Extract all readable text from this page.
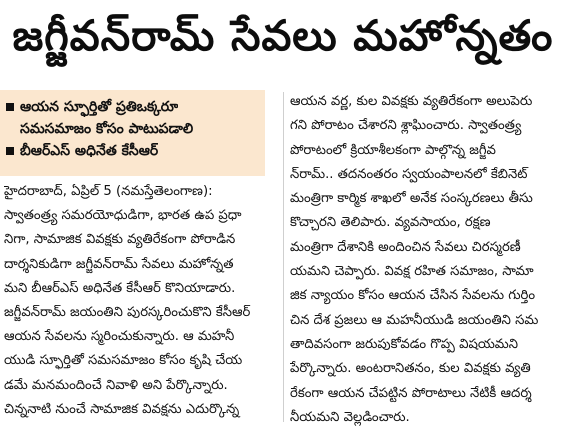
జగ్జీవన్‌రామ్ సేవలు మహోన్నతం
ఆయన స్ఫూర్తితో ప్రతిఒక్కరూ
సమసమాజం కోసం పాటుపడాలి
బీఆర్‌ఎస్ అధినేత కేసీఆర్
హైదరాబాద్, ఏప్రిల్ 5 (నమస్తేతెలంగాణ):
స్వాతంత్ర్య సమరయోధుడిగా, భారత ఉప ప్రధా
నిగా, సామాజిక వివక్షకు వ్యతిరేకంగా పోరాడిన
దార్శనికుడిగా జగ్జీవన్‌రామ్ సేవలు మహోన్నత
మని బీఆర్‌ఎస్ అధినేత కేసీఆర్ కొనియాడారు.
జగ్జీవన్‌రామ్ జయంతిని పురస్కరించుకొని కేసీఆర్
ఆయన సేవలను స్మరించుకున్నారు. ఆ మహనీ
యుడి స్ఫూర్తితో సమసమాజం కోసం కృషి చేయ
డమే మనమందించే నివాళి అని పేర్కొన్నారు.
చిన్ననాటి నుంచే సామాజిక వివక్షను ఎదుర్కొన్న
ఆయన వర్ణ, కుల వివక్షకు వ్యతిరేకంగా అలుపెరు
గని పోరాటం చేశారని శ్లాఘించారు. స్వాతంత్ర్య
పోరాటంలో క్రియాశీలకంగా పాల్గొన్న జగ్జీవ
న్‌రామ్.. తదనంతరం స్వయంపాలనలో కేబినెట్
మంత్రిగా కార్మిక శాఖలో అనేక సంస్కరణలు తీసు
కొచ్చారని తెలిపారు. వ్యవసాయం, రక్షణ
మంత్రిగా దేశానికి అందించిన సేవలు చిరస్మరణీ
యమని చెప్పారు. వివక్ష రహిత సమాజం, సామా
జిక న్యాయం కోసం ఆయన చేసిన సేవలను గుర్తిం
చిన దేశ ప్రజలు ఆ మహనీయుడి జయంతిని సమ
తాదివసంగా జరుపుకోవడం గొప్ప విషయమని
పేర్కొన్నారు. అంటరానితనం, కుల వివక్షకు వ్యతి
రేకంగా ఆయన చేపట్టిన పోరాటాలు నేటికీ ఆదర్శ
నీయమని వెల్లడించారు.
